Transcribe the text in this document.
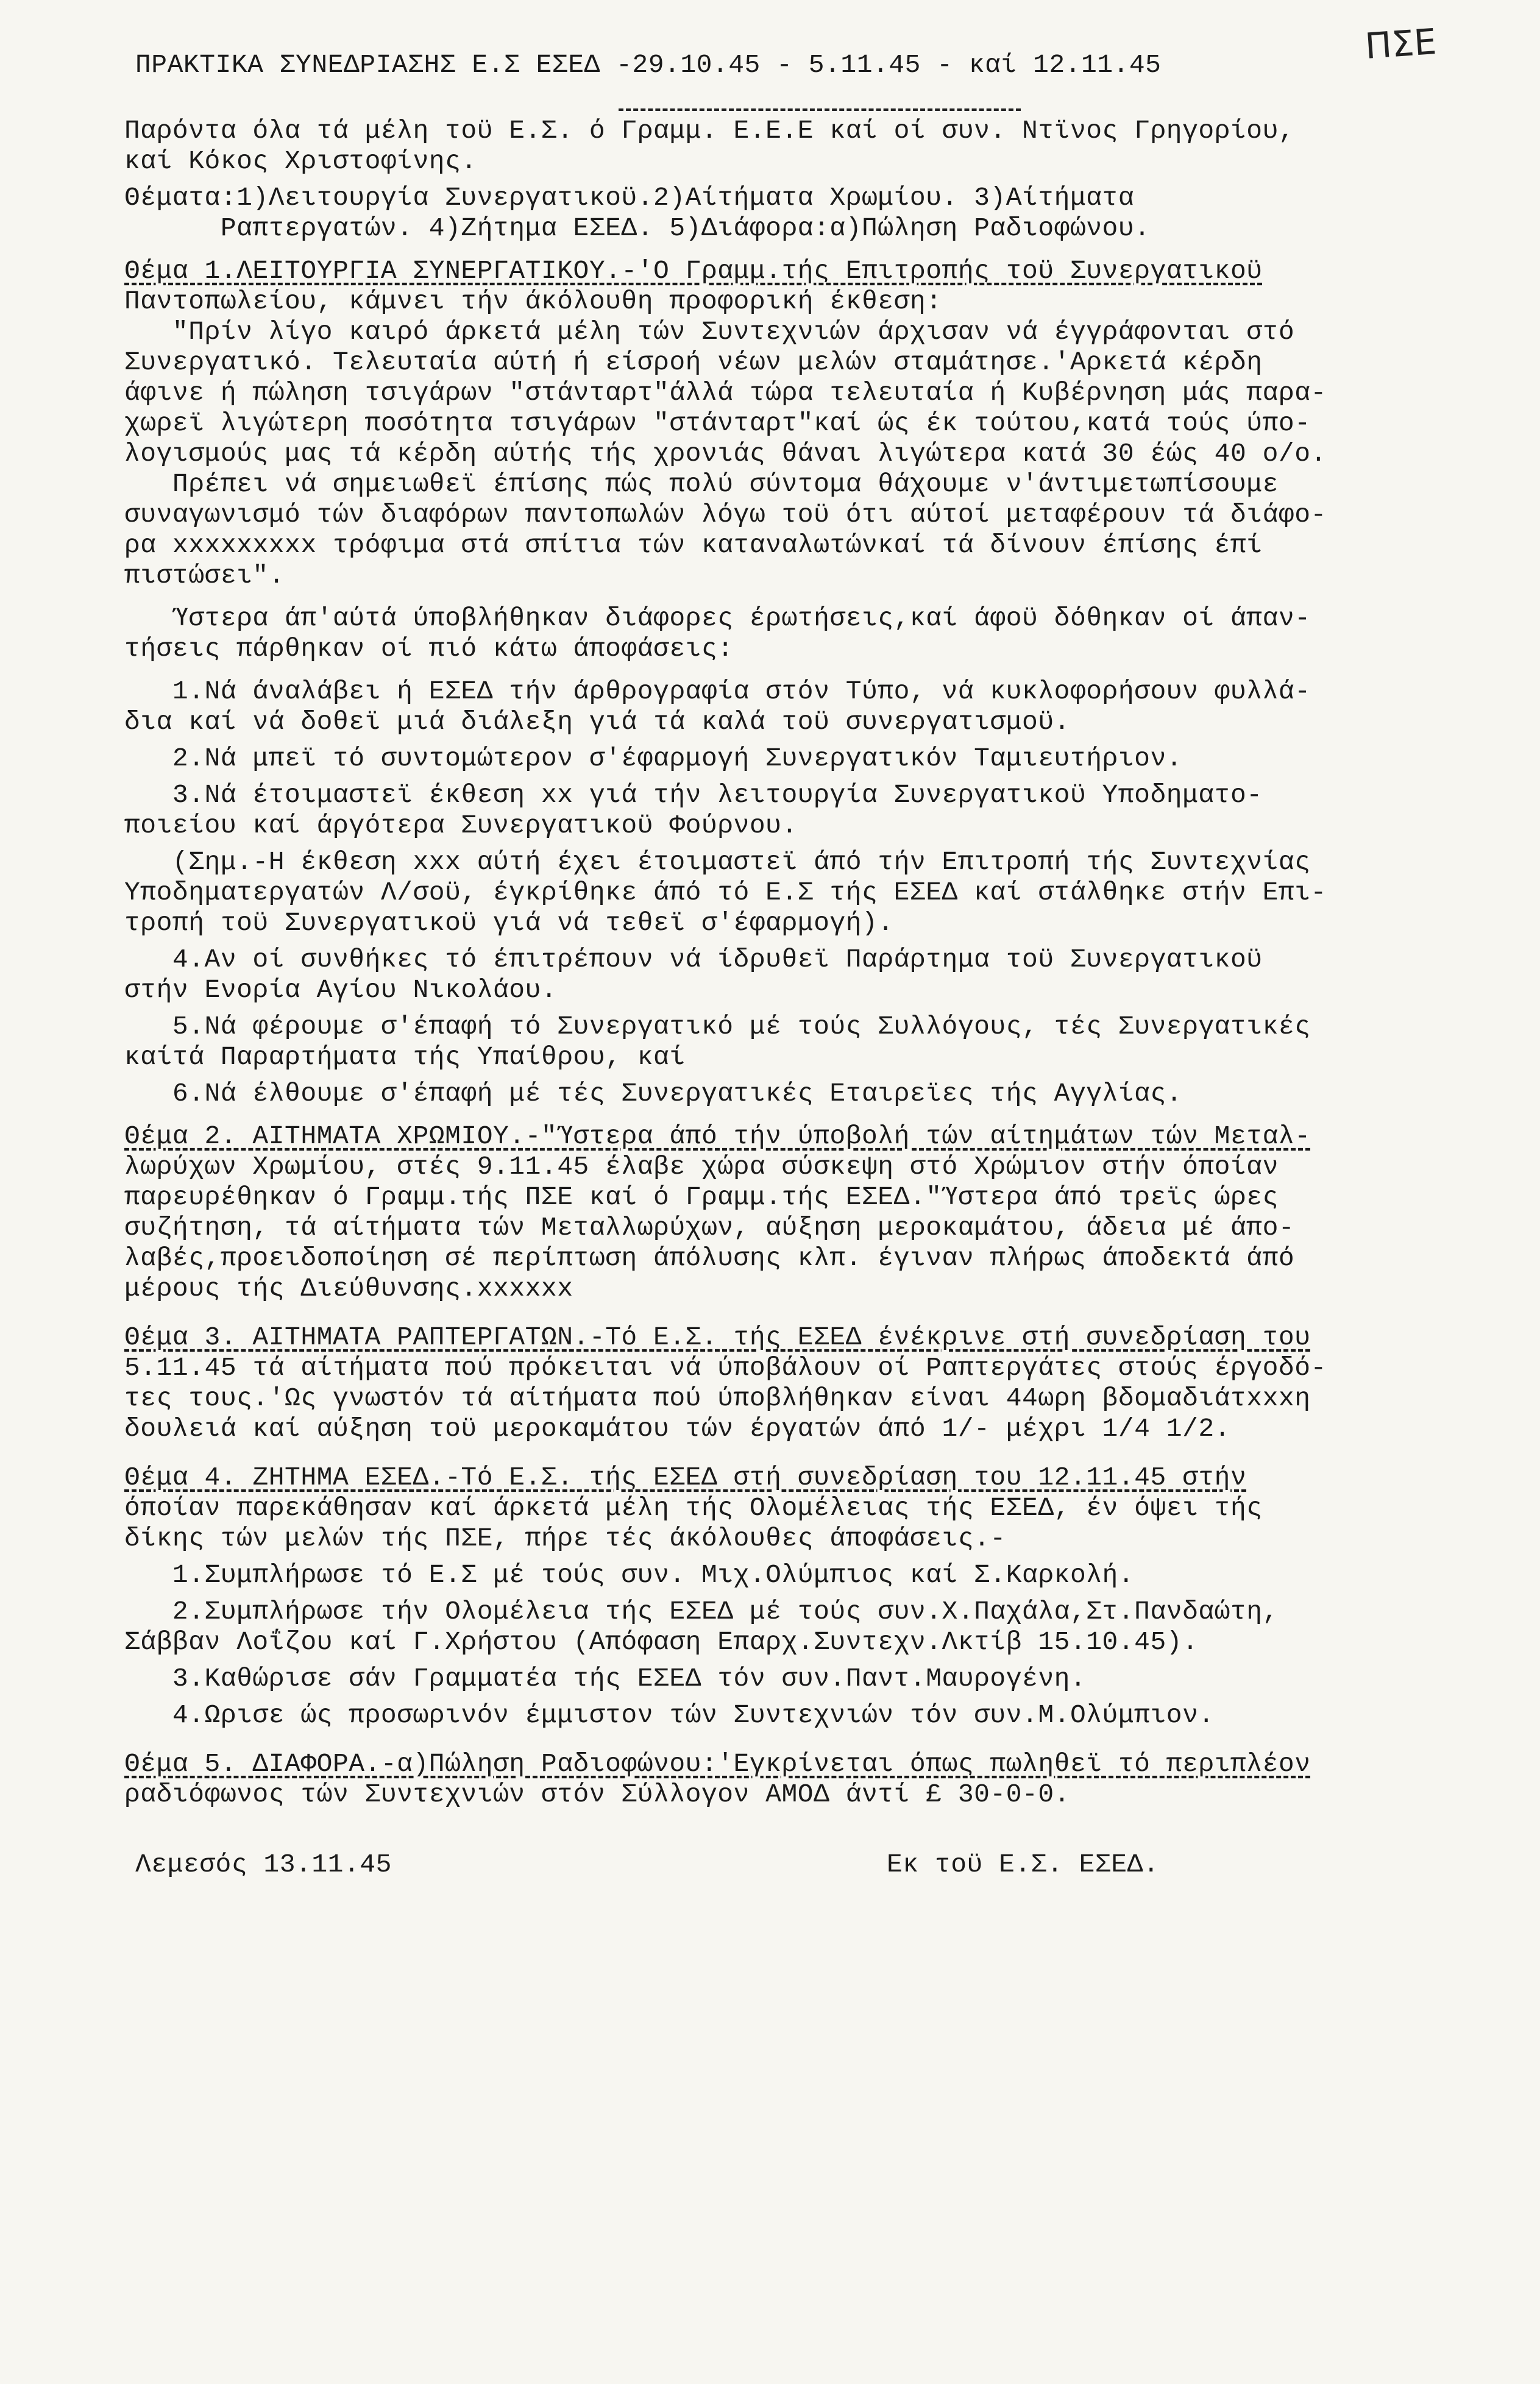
ΠΣΕ
ΠΡΑΚΤΙΚΑ ΣΥΝΕΔΡΙΑΣΗΣ Ε.Σ ΕΣΕΔ -29.10.45 - 5.11.45 - καί 12.11.45
Παρόντα όλα τά μέλη τοϋ Ε.Σ. ό Γραμμ. Ε.Ε.Ε καί οί συν. Ντϊνος Γρηγορίου,
καί Κόκος Χριστοφίνης.
Θέματα:1)Λειτουργία Συνεργατικοϋ.2)Αίτήματα Χρωμίου. 3)Αίτήματα
Ραπτεργατών. 4)Ζήτημα ΕΣΕΔ. 5)Διάφορα:α)Πώληση Ραδιοφώνου.
Θέμα 1.ΛΕΙΤΟΥΡΓΙΑ ΣΥΝΕΡΓΑΤΙΚΟΥ.-'Ο Γραμμ.τής Επιτροπής τοϋ Συνεργατικοϋ
Παντοπωλείου, κάμνει τήν άκόλουθη προφορική έκθεση:
"Πρίν λίγο καιρό άρκετά μέλη τών Συντεχνιών άρχισαν νά έγγράφονται στό
Συνεργατικό. Τελευταία αύτή ή είσροή νέων μελών σταμάτησε.'Αρκετά κέρδη
άφινε ή πώληση τσιγάρων "στάνταρτ"άλλά τώρα τελευταία ή Κυβέρνηση μάς παρα-
χωρεϊ λιγώτερη ποσότητα τσιγάρων "στάνταρτ"καί ώς έκ τούτου,κατά τούς ύπο-
λογισμούς μας τά κέρδη αύτής τής χρονιάς θάναι λιγώτερα κατά 30 έώς 40 ο/ο.
Πρέπει νά σημειωθεϊ έπίσης πώς πολύ σύντομα θάχουμε ν'άντιμετωπίσουμε
συναγωνισμό τών διαφόρων παντοπωλών λόγω τοϋ ότι αύτοί μεταφέρουν τά διάφο-
ρα xxxxxxxxx τρόφιμα στά σπίτια τών καταναλωτώνκαί τά δίνουν έπίσης έπί
πιστώσει".
Ύστερα άπ'αύτά ύποβλήθηκαν διάφορες έρωτήσεις,καί άφοϋ δόθηκαν οί άπαν-
τήσεις πάρθηκαν οί πιό κάτω άποφάσεις:
1.Νά άναλάβει ή ΕΣΕΔ τήν άρθρογραφία στόν Τύπο, νά κυκλοφορήσουν φυλλά-
δια καί νά δοθεϊ μιά διάλεξη γιά τά καλά τοϋ συνεργατισμοϋ.
2.Νά μπεϊ τό συντομώτερον σ'έφαρμογή Συνεργατικόν Ταμιευτήριον.
3.Νά έτοιμαστεϊ έκθεση xx γιά τήν λειτουργία Συνεργατικοϋ Υποδηματο-
ποιείου καί άργότερα Συνεργατικοϋ Φούρνου.
(Σημ.-Η έκθεση xxx αύτή έχει έτοιμαστεϊ άπό τήν Επιτροπή τής Συντεχνίας
Υποδηματεργατών Λ/σοϋ, έγκρίθηκε άπό τό Ε.Σ τής ΕΣΕΔ καί στάλθηκε στήν Επι-
τροπή τοϋ Συνεργατικοϋ γιά νά τεθεϊ σ'έφαρμογή).
4.Αν οί συνθήκες τό έπιτρέπουν νά ίδρυθεϊ Παράρτημα τοϋ Συνεργατικοϋ
στήν Ενορία Αγίου Νικολάου.
5.Νά φέρουμε σ'έπαφή τό Συνεργατικό μέ τούς Συλλόγους, τές Συνεργατικές
καίτά Παραρτήματα τής Υπαίθρου, καί
6.Νά έλθουμε σ'έπαφή μέ τές Συνεργατικές Εταιρεϊες τής Αγγλίας.
Θέμα 2. ΑΙΤΗΜΑΤΑ ΧΡΩΜΙΟΥ.-"Ύστερα άπό τήν ύποβολή τών αίτημάτων τών Μεταλ-
λωρύχων Χρωμίου, στές 9.11.45 έλαβε χώρα σύσκεψη στό Χρώμιον στήν όποίαν
παρευρέθηκαν ό Γραμμ.τής ΠΣΕ καί ό Γραμμ.τής ΕΣΕΔ."Ύστερα άπό τρεϊς ώρες
συζήτηση, τά αίτήματα τών Μεταλλωρύχων, αύξηση μεροκαμάτου, άδεια μέ άπο-
λαβές,προειδοποίηση σέ περίπτωση άπόλυσης κλπ. έγιναν πλήρως άποδεκτά άπό
μέρους τής Διεύθυνσης.xxxxxx
Θέμα 3. ΑΙΤΗΜΑΤΑ ΡΑΠΤΕΡΓΑΤΩΝ.-Τό Ε.Σ. τής ΕΣΕΔ ένέκρινε στή συνεδρίαση του
5.11.45 τά αίτήματα πού πρόκειται νά ύποβάλουν οί Ραπτεργάτες στούς έργοδό-
τες τους.'Ως γνωστόν τά αίτήματα πού ύποβλήθηκαν είναι 44ωρη βδομαδιάτxxxη
δουλειά καί αύξηση τοϋ μεροκαμάτου τών έργατών άπό 1/- μέχρι 1/4 1/2.
Θέμα 4. ΖΗΤΗΜΑ ΕΣΕΔ.-Τό Ε.Σ. τής ΕΣΕΔ στή συνεδρίαση του 12.11.45 στήν
όποίαν παρεκάθησαν καί άρκετά μέλη τής Ολομέλειας τής ΕΣΕΔ, έν όψει τής
δίκης τών μελών τής ΠΣΕ, πήρε τές άκόλουθες άποφάσεις.-
1.Συμπλήρωσε τό Ε.Σ μέ τούς συν. Μιχ.Ολύμπιος καί Σ.Καρκολή.
2.Συμπλήρωσε τήν Ολομέλεια τής ΕΣΕΔ μέ τούς συν.Χ.Παχάλα,Στ.Πανδαώτη,
Σάββαν Λοΐζου καί Γ.Χρήστου (Απόφαση Επαρχ.Συντεχν.Λκτίβ 15.10.45).
3.Καθώρισε σάν Γραμματέα τής ΕΣΕΔ τόν συν.Παντ.Μαυρογένη.
4.Ωρισε ώς προσωρινόν έμμιστον τών Συντεχνιών τόν συν.Μ.Ολύμπιον.
Θέμα 5. ΔΙΑΦΟΡΑ.-α)Πώληση Ραδιοφώνου:'Εγκρίνεται όπως πωληθεϊ τό περιπλέον
ραδιόφωνος τών Συντεχνιών στόν Σύλλογον ΑΜΟΔ άντί £ 30-0-0.
Λεμεσός 13.11.45	Εκ τοϋ Ε.Σ. ΕΣΕΔ.
